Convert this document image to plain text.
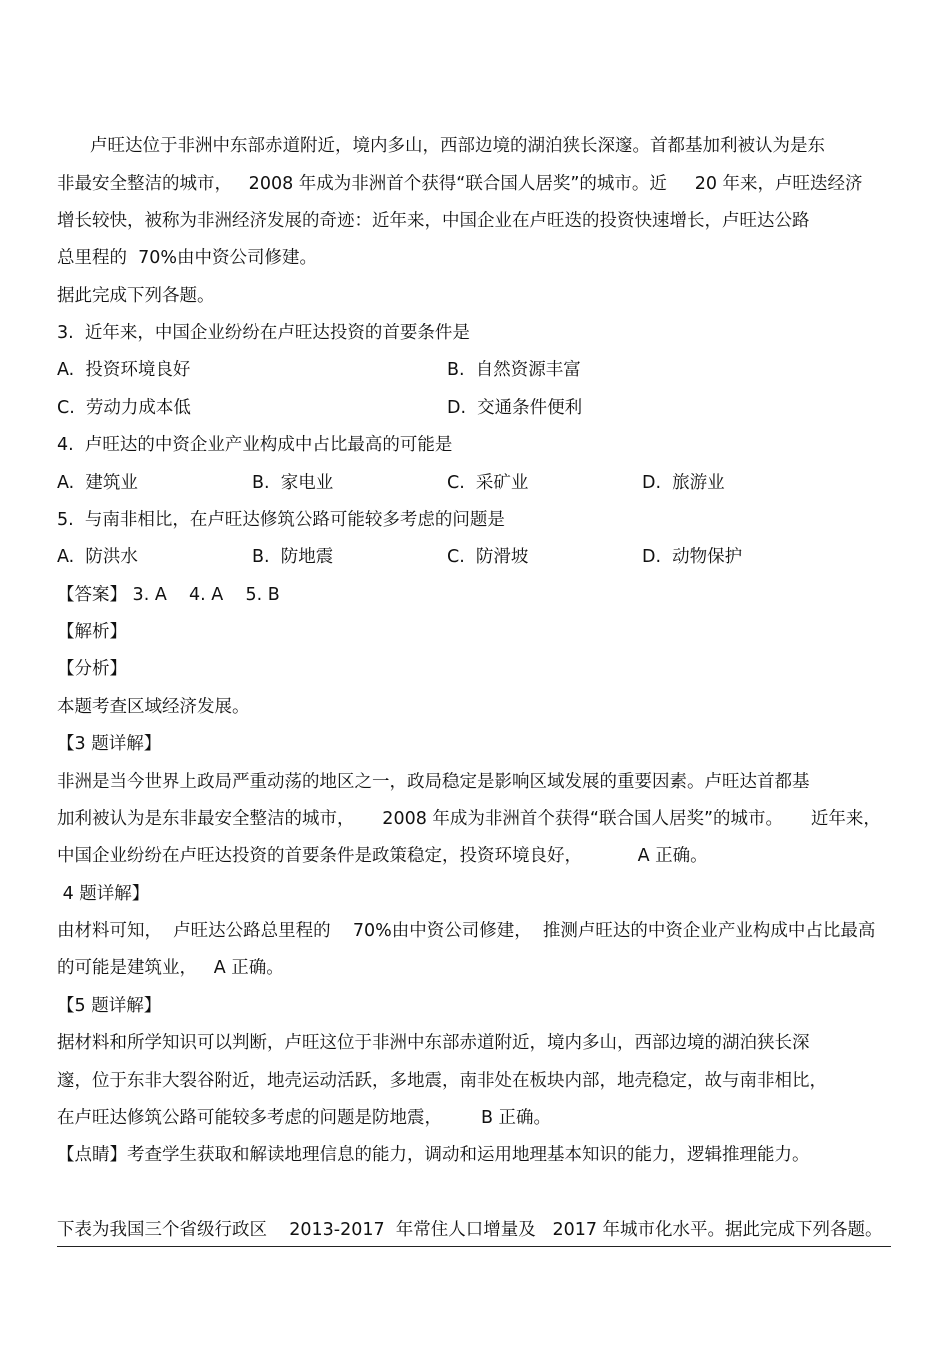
卢旺达位于非洲中东部赤道附近，境内多山，西部边境的湖泊狭长深邃。首都基加利被认为是东
非最安全整洁的城市，   2008 年成为非洲首个获得“联合国人居奖”的城市。近     20 年来，卢旺迭经济
增长较快，被称为非洲经济发展的奇迹：近年来，中国企业在卢旺迭的投资快速增长，卢旺达公路
总里程的  70%由中资公司修建。
据此完成下列各题。
3.  近年来，中国企业纷纷在卢旺达投资的首要条件是
A.  投资环境良好	B.  自然资源丰富
C.  劳动力成本低	D.  交通条件便利
4.  卢旺达的中资企业产业构成中占比最高的可能是
A.  建筑业	B.  家电业	C.  采矿业	D.  旅游业
5.  与南非相比，在卢旺达修筑公路可能较多考虑的问题是
A.  防洪水	B.  防地震	C.  防滑坡	D.  动物保护
【答案】 3. A    4. A    5. B
【解析】
【分析】
本题考查区域经济发展。
【3 题详解】
非洲是当今世界上政局严重动荡的地区之一，政局稳定是影响区域发展的重要因素。卢旺达首都基
加利被认为是东非最安全整洁的城市，     2008 年成为非洲首个获得“联合国人居奖”的城市。     近年来，
中国企业纷纷在卢旺达投资的首要条件是政策稳定，投资环境良好，          A 正确。
4 题详解】
由材料可知，  卢旺达公路总里程的    70%由中资公司修建，  推测卢旺达的中资企业产业构成中占比最高
的可能是建筑业，   A 正确。
【5 题详解】
据材料和所学知识可以判断，卢旺这位于非洲中东部赤道附近，境内多山，西部边境的湖泊狭长深
邃，位于东非大裂谷附近，地壳运动活跃，多地震，南非处在板块内部，地壳稳定，故与南非相比，
在卢旺达修筑公路可能较多考虑的问题是防地震，       B 正确。
【点睛】考查学生获取和解读地理信息的能力，调动和运用地理基本知识的能力，逻辑推理能力。
下表为我国三个省级行政区    2013-2017  年常住人口增量及   2017 年城市化水平。据此完成下列各题。
